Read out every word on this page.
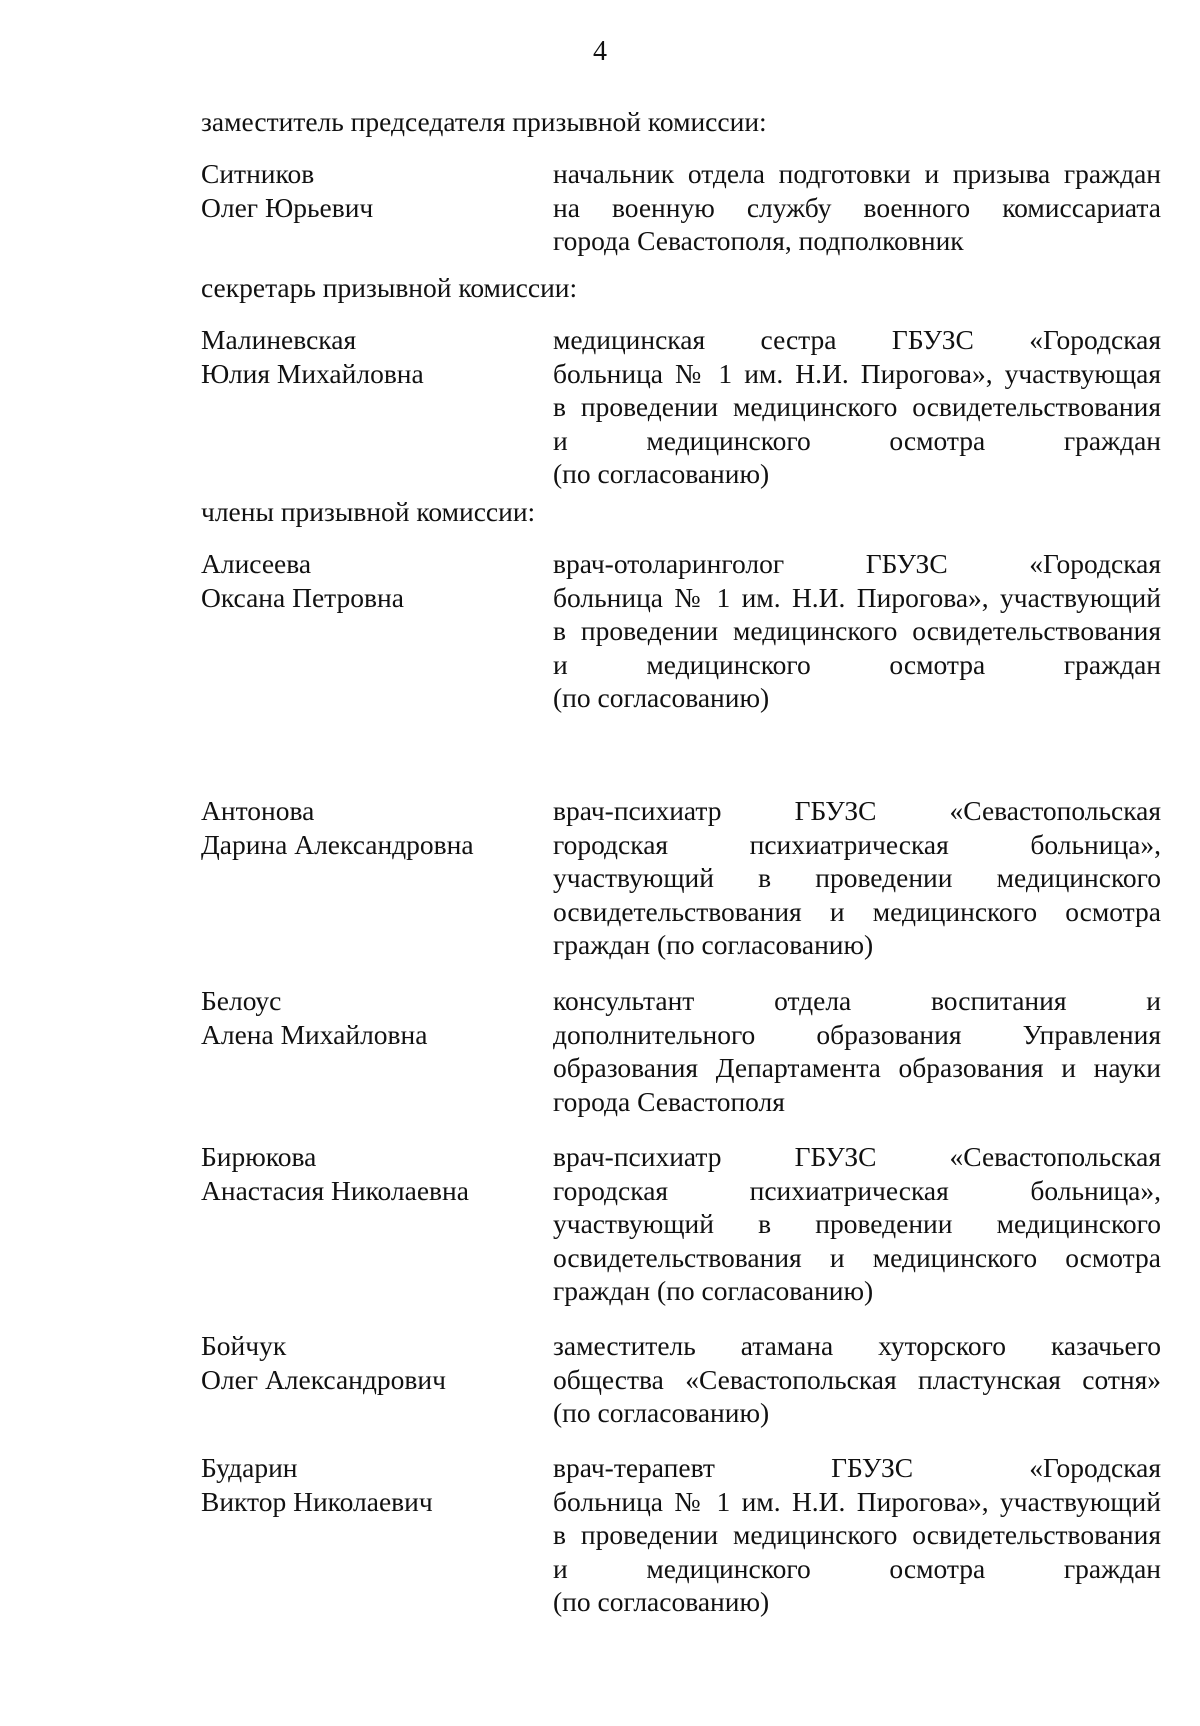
4
заместитель председателя призывной комиссии:
Ситников
Олег Юрьевич
начальник отдела подготовки и призыва граждан
на военную службу военного комиссариата
города Севастополя, подполковник
секретарь призывной комиссии:
Малиневская
Юлия Михайловна
медицинская сестра ГБУЗС «Городская
больница № 1 им. Н.И. Пирогова», участвующая
в проведении медицинского освидетельствования
и медицинского осмотра граждан
(по согласованию)
члены призывной комиссии:
Алисеева
Оксана Петровна
врач-отоларинголог ГБУЗС «Городская
больница № 1 им. Н.И. Пирогова», участвующий
в проведении медицинского освидетельствования
и медицинского осмотра граждан
(по согласованию)
Антонова
Дарина Александровна
врач-психиатр ГБУЗС «Севастопольская
городская психиатрическая больница»,
участвующий в проведении медицинского
освидетельствования и медицинского осмотра
граждан (по согласованию)
Белоус
Алена Михайловна
консультант отдела воспитания и
дополнительного образования Управления
образования Департамента образования и науки
города Севастополя
Бирюкова
Анастасия Николаевна
врач-психиатр ГБУЗС «Севастопольская
городская психиатрическая больница»,
участвующий в проведении медицинского
освидетельствования и медицинского осмотра
граждан (по согласованию)
Бойчук
Олег Александрович
заместитель атамана хуторского казачьего
общества «Севастопольская пластунская сотня»
(по согласованию)
Бударин
Виктор Николаевич
врач-терапевт ГБУЗС «Городская
больница № 1 им. Н.И. Пирогова», участвующий
в проведении медицинского освидетельствования
и медицинского осмотра граждан
(по согласованию)
